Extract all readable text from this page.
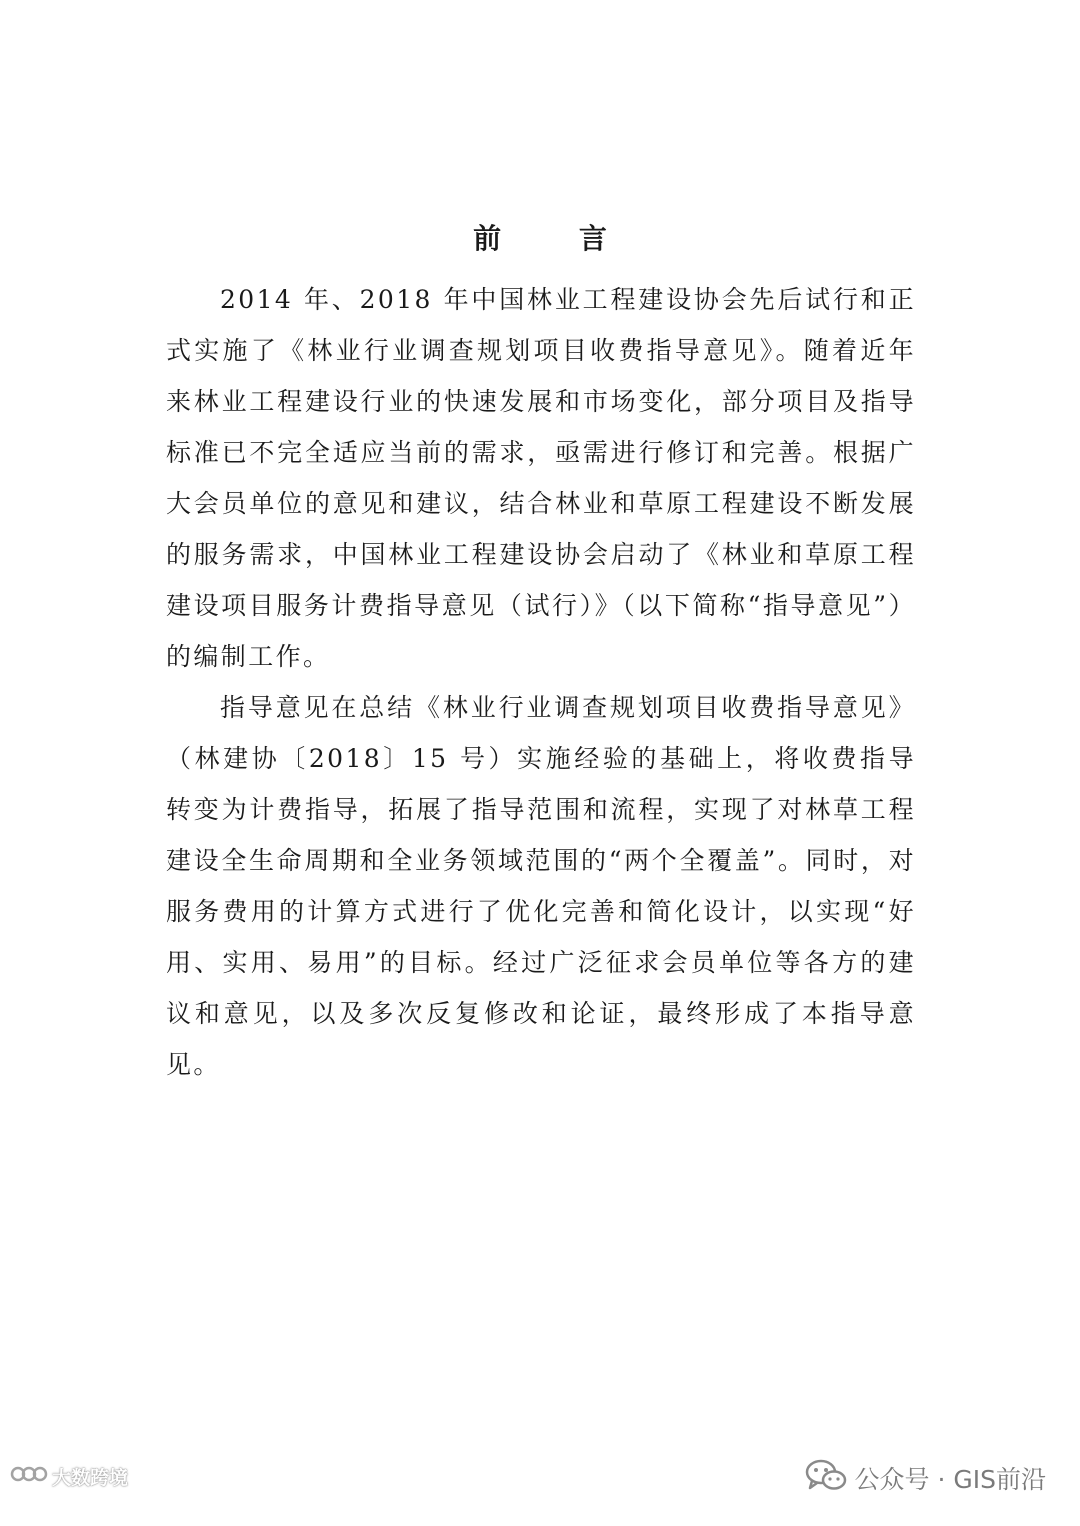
前 言

2014 年、2018 年中国林业工程建设协会先后试行和正式实施了《林业行业调查规划项目收费指导意见》。随着近年来林业工程建设行业的快速发展和市场变化，部分项目及指导标准已不完全适应当前的需求，亟需进行修订和完善。根据广大会员单位的意见和建议，结合林业和草原工程建设不断发展的服务需求，中国林业工程建设协会启动了《林业和草原工程建设项目服务计费指导意见（试行）》（以下简称“指导意见”）的编制工作。

指导意见在总结《林业行业调查规划项目收费指导意见》（林建协〔2018〕15 号）实施经验的基础上，将收费指导转变为计费指导，拓展了指导范围和流程，实现了对林草工程建设全生命周期和全业务领域范围的“两个全覆盖”。同时，对服务费用的计算方式进行了优化完善和简化设计，以实现“好用、实用、易用”的目标。经过广泛征求会员单位等各方的建议和意见，以及多次反复修改和论证，最终形成了本指导意见。

大数跨境	公众号 · GIS前沿
